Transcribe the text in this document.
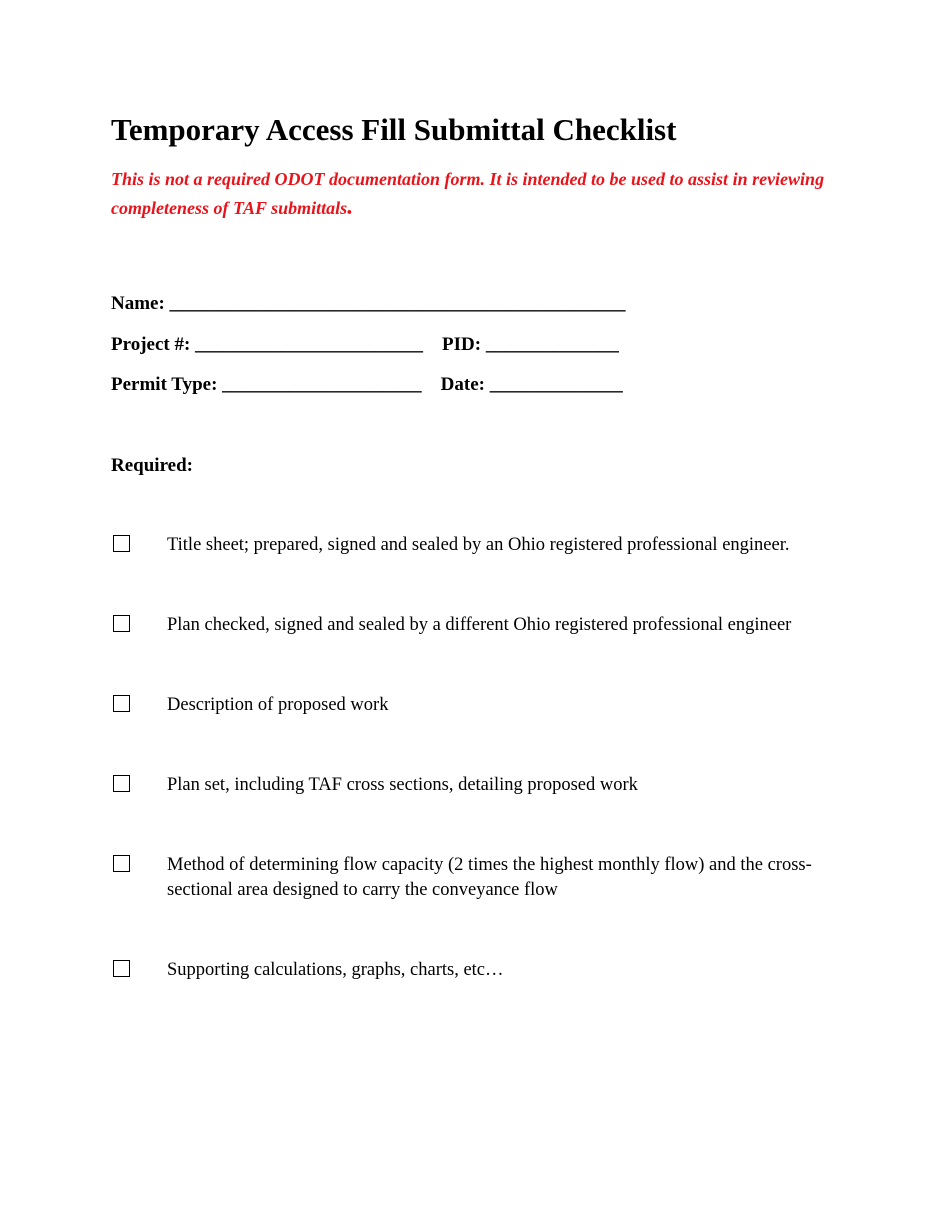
Temporary Access Fill Submittal Checklist

This is not a required ODOT documentation form. It is intended to be used to assist in reviewing completeness of TAF submittals.

Name: ________________________________________________
Project #: ________________________    PID: ______________
Permit Type: _____________________    Date: ______________
Required:
Title sheet; prepared, signed and sealed by an Ohio registered professional engineer.
Plan checked, signed and sealed by a different Ohio registered professional engineer
Description of proposed work
Plan set, including TAF cross sections, detailing proposed work
Method of determining flow capacity (2 times the highest monthly flow) and the cross-sectional area designed to carry the conveyance flow
Supporting calculations, graphs, charts, etc…
